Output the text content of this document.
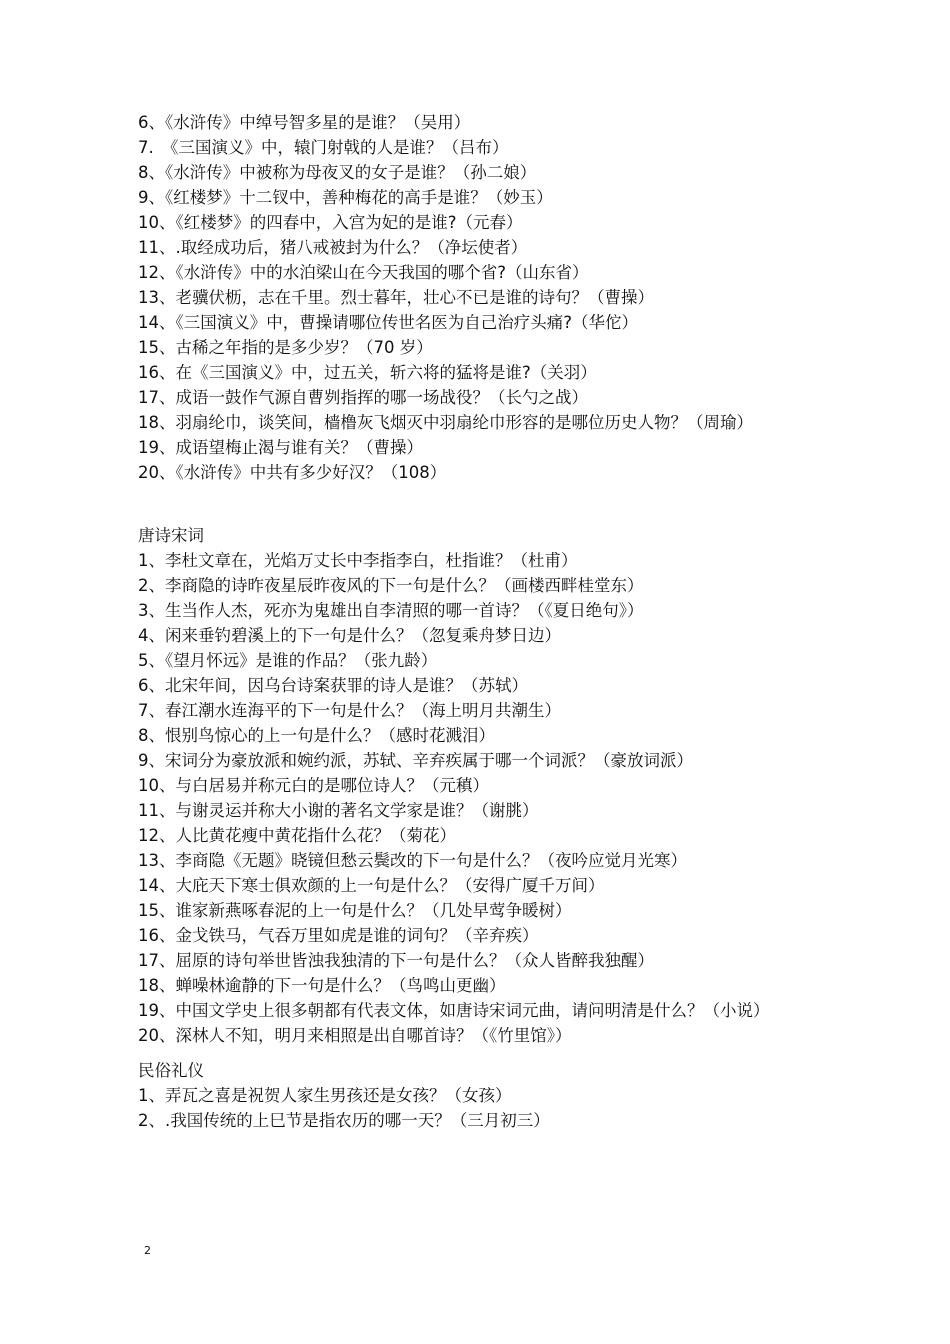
6、《水浒传》中绰号智多星的是谁？（吴用）
7.　《三国演义》中，辕门射戟的人是谁？（吕布）
8、《水浒传》中被称为母夜叉的女子是谁？（孙二娘）
9、《红楼梦》十二钗中，善种梅花的高手是谁？（妙玉）
10、《红楼梦》的四春中，入宫为妃的是谁?（元春）
11、.取经成功后，猪八戒被封为什么？（净坛使者）
12、《水浒传》中的水泊梁山在今天我国的哪个省?（山东省）
13、老骥伏枥，志在千里。烈士暮年，壮心不已是谁的诗句？（曹操）
14、《三国演义》中，曹操请哪位传世名医为自己治疗头痛?（华佗）
15、古稀之年指的是多少岁？（70 岁）
16、在《三国演义》中，过五关，斩六将的猛将是谁?（关羽）
17、成语一鼓作气源自曹刿指挥的哪一场战役？（长勺之战）
18、羽扇纶巾，谈笑间，樯橹灰飞烟灭中羽扇纶巾形容的是哪位历史人物？（周瑜）
19、成语望梅止渴与谁有关？（曹操）
20、《水浒传》中共有多少好汉？（108）
唐诗宋词
1、李杜文章在，光焰万丈长中李指李白，杜指谁？（杜甫）
2、李商隐的诗昨夜星辰昨夜风的下一句是什么？（画楼西畔桂堂东）
3、生当作人杰，死亦为鬼雄出自李清照的哪一首诗？（《夏日绝句》）
4、闲来垂钓碧溪上的下一句是什么？（忽复乘舟梦日边）
5、《望月怀远》是谁的作品？（张九龄）
6、北宋年间，因乌台诗案获罪的诗人是谁？（苏轼）
7、春江潮水连海平的下一句是什么？（海上明月共潮生）
8、恨别鸟惊心的上一句是什么？（感时花溅泪）
9、宋词分为豪放派和婉约派，苏轼、辛弃疾属于哪一个词派？（豪放词派）
10、与白居易并称元白的是哪位诗人？（元稹）
11、与谢灵运并称大小谢的著名文学家是谁？（谢朓）
12、人比黄花瘦中黄花指什么花？（菊花）
13、李商隐《无题》晓镜但愁云鬓改的下一句是什么？（夜吟应觉月光寒）
14、大庇天下寒士俱欢颜的上一句是什么？（安得广厦千万间）
15、谁家新燕啄春泥的上一句是什么？（几处早莺争暖树）
16、金戈铁马，气吞万里如虎是谁的词句？（辛弃疾）
17、屈原的诗句举世皆浊我独清的下一句是什么？（众人皆醉我独醒）
18、蝉噪林逾静的下一句是什么？（鸟鸣山更幽）
19、中国文学史上很多朝都有代表文体，如唐诗宋词元曲，请问明清是什么？（小说）
20、深林人不知，明月来相照是出自哪首诗？（《竹里馆》）
民俗礼仪
1、弄瓦之喜是祝贺人家生男孩还是女孩？（女孩）
2、.我国传统的上巳节是指农历的哪一天？（三月初三）
2
